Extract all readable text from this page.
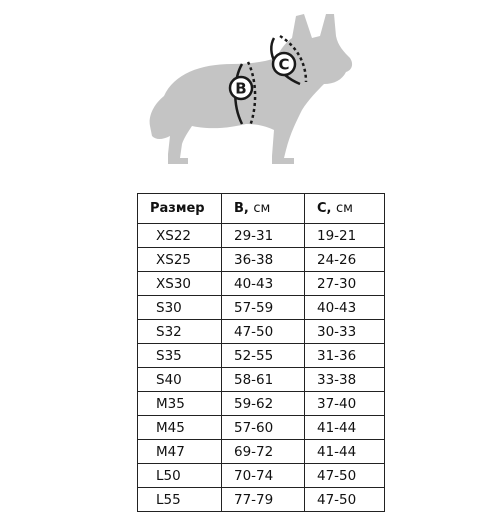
B
C
Размер	B, см	C, см
XS22	29-31	19-21
XS25	36-38	24-26
XS30	40-43	27-30
S30	57-59	40-43
S32	47-50	30-33
S35	52-55	31-36
S40	58-61	33-38
M35	59-62	37-40
M45	57-60	41-44
M47	69-72	41-44
L50	70-74	47-50
L55	77-79	47-50
